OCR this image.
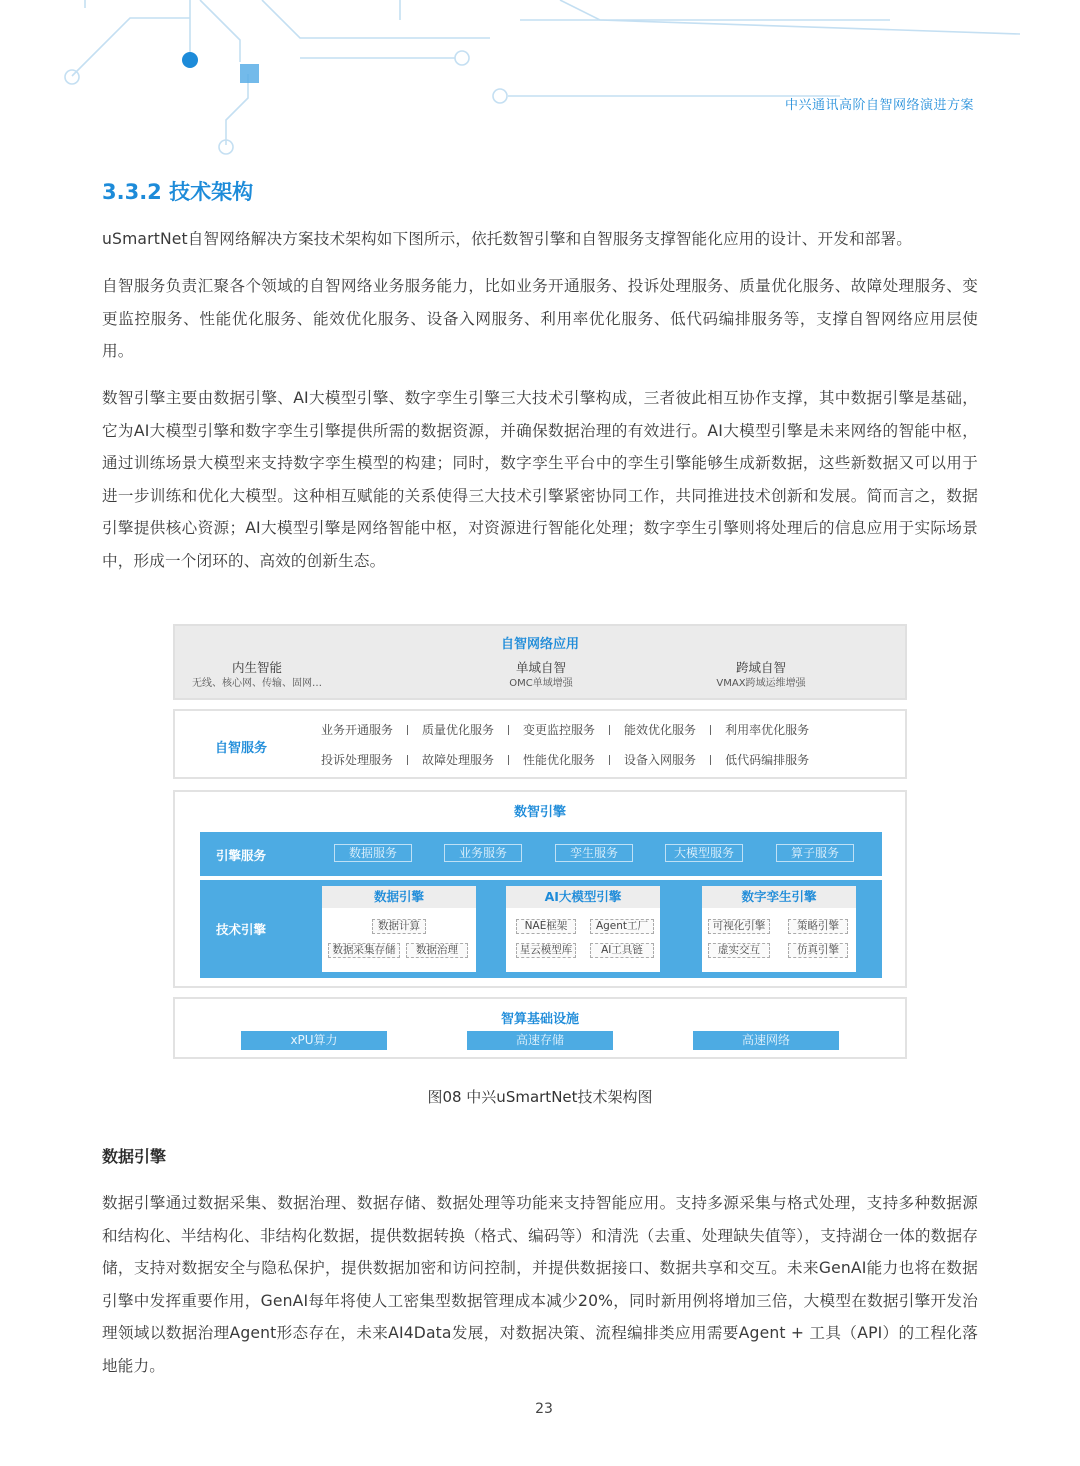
中兴通讯高阶自智网络演进方案
3.3.2 技术架构

uSmartNet自智网络解决方案技术架构如下图所示，依托数智引擎和自智服务支撑智能化应用的设计、开发和部署。

自智服务负责汇聚各个领域的自智网络业务服务能力，比如业务开通服务、投诉处理服务、质量优化服务、故障处理服务、变更监控服务、性能优化服务、能效优化服务、设备入网服务、利用率优化服务、低代码编排服务等，支撑自智网络应用层使用。

数智引擎主要由数据引擎、AI大模型引擎、数字孪生引擎三大技术引擎构成，三者彼此相互协作支撑，其中数据引擎是基础，它为AI大模型引擎和数字孪生引擎提供所需的数据资源，并确保数据治理的有效进行。AI大模型引擎是未来网络的智能中枢，通过训练场景大模型来支持数字孪生模型的构建；同时，数字孪生平台中的孪生引擎能够生成新数据，这些新数据又可以用于进一步训练和优化大模型。这种相互赋能的关系使得三大技术引擎紧密协同工作，共同推进技术创新和发展。简而言之，数据引擎提供核心资源；AI大模型引擎是网络智能中枢，对资源进行智能化处理；数字孪生引擎则将处理后的信息应用于实际场景中，形成一个闭环的、高效的创新生态。

自智网络应用
内生智能
无线、核心网、传输、固网…
单域自智
OMC单域增强
跨域自智
VMAX跨域运维增强
自智服务
业务开通服务 质量优化服务 变更监控服务 能效优化服务 利用率优化服务
投诉处理服务 故障处理服务 性能优化服务 设备入网服务 低代码编排服务
数智引擎
引擎服务	数据服务	业务服务	孪生服务	大模型服务	算子服务
技术引擎
数据引擎
数据计算
数据采集存储	数据治理
AI大模型引擎
NAE框架	Agent工厂
星云模型库	AI工具链
数字孪生引擎
可视化引擎	策略引擎
虚实交互	仿真引擎
智算基础设施
xPU算力	高速存储	高速网络
图08 中兴uSmartNet技术架构图
数据引擎

数据引擎通过数据采集、数据治理、数据存储、数据处理等功能来支持智能应用。支持多源采集与格式处理，支持多种数据源和结构化、半结构化、非结构化数据，提供数据转换（格式、编码等）和清洗（去重、处理缺失值等），支持湖仓一体的数据存储，支持对数据安全与隐私保护，提供数据加密和访问控制，并提供数据接口、数据共享和交互。未来GenAI能力也将在数据引擎中发挥重要作用，GenAI每年将使人工密集型数据管理成本减少20%，同时新用例将增加三倍，大模型在数据引擎开发治理领域以数据治理Agent形态存在，未来AI4Data发展，对数据决策、流程编排类应用需要Agent + 工具（API）的工程化落地能力。

23
